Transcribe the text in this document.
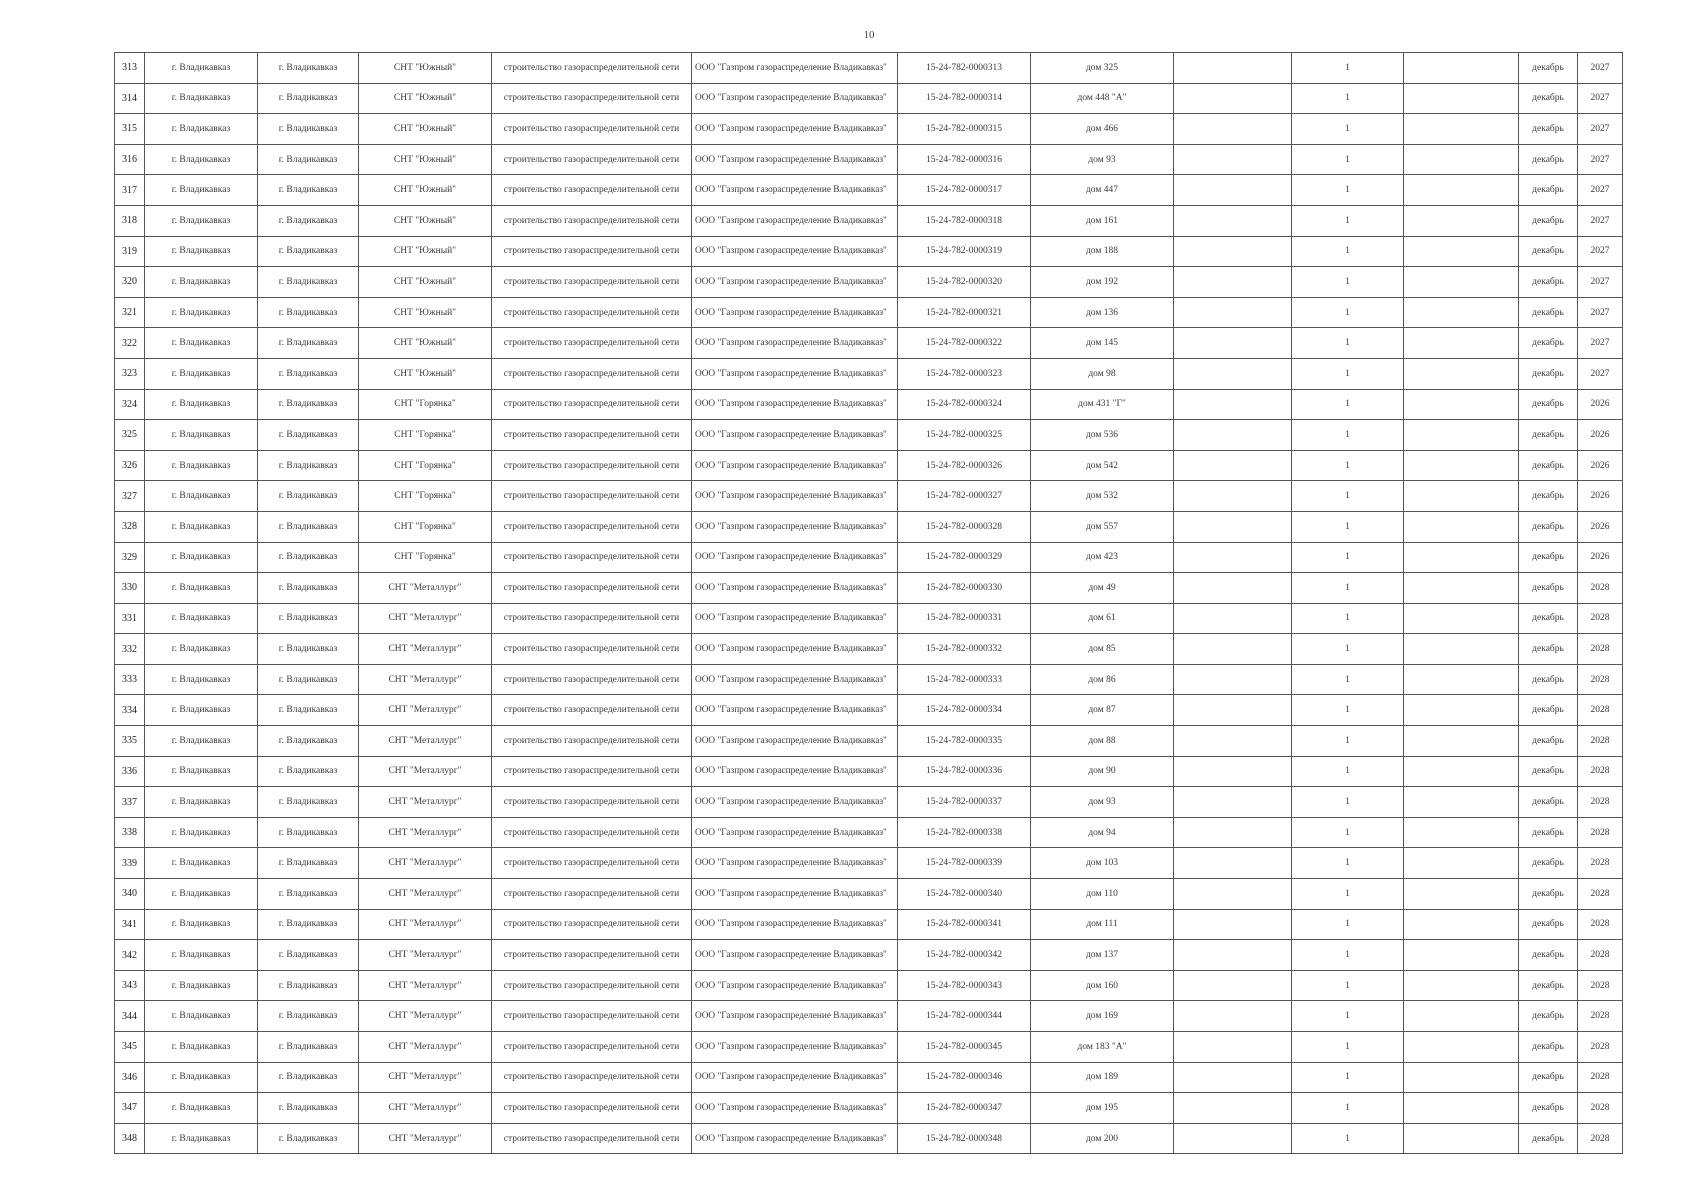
10
313	г. Владикавказ	г. Владикавказ	СНТ "Южный"	строительство газораспределительной сети	ООО "Газпром газораспределение Владикавказ"	15-24-782-0000313	дом 325		1		декабрь	2027
314	г. Владикавказ	г. Владикавказ	СНТ "Южный"	строительство газораспределительной сети	ООО "Газпром газораспределение Владикавказ"	15-24-782-0000314	дом 448 "А"		1		декабрь	2027
315	г. Владикавказ	г. Владикавказ	СНТ "Южный"	строительство газораспределительной сети	ООО "Газпром газораспределение Владикавказ"	15-24-782-0000315	дом 466		1		декабрь	2027
316	г. Владикавказ	г. Владикавказ	СНТ "Южный"	строительство газораспределительной сети	ООО "Газпром газораспределение Владикавказ"	15-24-782-0000316	дом 93		1		декабрь	2027
317	г. Владикавказ	г. Владикавказ	СНТ "Южный"	строительство газораспределительной сети	ООО "Газпром газораспределение Владикавказ"	15-24-782-0000317	дом 447		1		декабрь	2027
318	г. Владикавказ	г. Владикавказ	СНТ "Южный"	строительство газораспределительной сети	ООО "Газпром газораспределение Владикавказ"	15-24-782-0000318	дом 161		1		декабрь	2027
319	г. Владикавказ	г. Владикавказ	СНТ "Южный"	строительство газораспределительной сети	ООО "Газпром газораспределение Владикавказ"	15-24-782-0000319	дом 188		1		декабрь	2027
320	г. Владикавказ	г. Владикавказ	СНТ "Южный"	строительство газораспределительной сети	ООО "Газпром газораспределение Владикавказ"	15-24-782-0000320	дом 192		1		декабрь	2027
321	г. Владикавказ	г. Владикавказ	СНТ "Южный"	строительство газораспределительной сети	ООО "Газпром газораспределение Владикавказ"	15-24-782-0000321	дом 136		1		декабрь	2027
322	г. Владикавказ	г. Владикавказ	СНТ "Южный"	строительство газораспределительной сети	ООО "Газпром газораспределение Владикавказ"	15-24-782-0000322	дом 145		1		декабрь	2027
323	г. Владикавказ	г. Владикавказ	СНТ "Южный"	строительство газораспределительной сети	ООО "Газпром газораспределение Владикавказ"	15-24-782-0000323	дом 98		1		декабрь	2027
324	г. Владикавказ	г. Владикавказ	СНТ "Горянка"	строительство газораспределительной сети	ООО "Газпром газораспределение Владикавказ"	15-24-782-0000324	дом 431 "Г"		1		декабрь	2026
325	г. Владикавказ	г. Владикавказ	СНТ "Горянка"	строительство газораспределительной сети	ООО "Газпром газораспределение Владикавказ"	15-24-782-0000325	дом 536		1		декабрь	2026
326	г. Владикавказ	г. Владикавказ	СНТ "Горянка"	строительство газораспределительной сети	ООО "Газпром газораспределение Владикавказ"	15-24-782-0000326	дом 542		1		декабрь	2026
327	г. Владикавказ	г. Владикавказ	СНТ "Горянка"	строительство газораспределительной сети	ООО "Газпром газораспределение Владикавказ"	15-24-782-0000327	дом 532		1		декабрь	2026
328	г. Владикавказ	г. Владикавказ	СНТ "Горянка"	строительство газораспределительной сети	ООО "Газпром газораспределение Владикавказ"	15-24-782-0000328	дом 557		1		декабрь	2026
329	г. Владикавказ	г. Владикавказ	СНТ "Горянка"	строительство газораспределительной сети	ООО "Газпром газораспределение Владикавказ"	15-24-782-0000329	дом 423		1		декабрь	2026
330	г. Владикавказ	г. Владикавказ	СНТ "Металлург"	строительство газораспределительной сети	ООО "Газпром газораспределение Владикавказ"	15-24-782-0000330	дом 49		1		декабрь	2028
331	г. Владикавказ	г. Владикавказ	СНТ "Металлург"	строительство газораспределительной сети	ООО "Газпром газораспределение Владикавказ"	15-24-782-0000331	дом 61		1		декабрь	2028
332	г. Владикавказ	г. Владикавказ	СНТ "Металлург"	строительство газораспределительной сети	ООО "Газпром газораспределение Владикавказ"	15-24-782-0000332	дом 85		1		декабрь	2028
333	г. Владикавказ	г. Владикавказ	СНТ "Металлург"	строительство газораспределительной сети	ООО "Газпром газораспределение Владикавказ"	15-24-782-0000333	дом 86		1		декабрь	2028
334	г. Владикавказ	г. Владикавказ	СНТ "Металлург"	строительство газораспределительной сети	ООО "Газпром газораспределение Владикавказ"	15-24-782-0000334	дом 87		1		декабрь	2028
335	г. Владикавказ	г. Владикавказ	СНТ "Металлург"	строительство газораспределительной сети	ООО "Газпром газораспределение Владикавказ"	15-24-782-0000335	дом 88		1		декабрь	2028
336	г. Владикавказ	г. Владикавказ	СНТ "Металлург"	строительство газораспределительной сети	ООО "Газпром газораспределение Владикавказ"	15-24-782-0000336	дом 90		1		декабрь	2028
337	г. Владикавказ	г. Владикавказ	СНТ "Металлург"	строительство газораспределительной сети	ООО "Газпром газораспределение Владикавказ"	15-24-782-0000337	дом 93		1		декабрь	2028
338	г. Владикавказ	г. Владикавказ	СНТ "Металлург"	строительство газораспределительной сети	ООО "Газпром газораспределение Владикавказ"	15-24-782-0000338	дом 94		1		декабрь	2028
339	г. Владикавказ	г. Владикавказ	СНТ "Металлург"	строительство газораспределительной сети	ООО "Газпром газораспределение Владикавказ"	15-24-782-0000339	дом 103		1		декабрь	2028
340	г. Владикавказ	г. Владикавказ	СНТ "Металлург"	строительство газораспределительной сети	ООО "Газпром газораспределение Владикавказ"	15-24-782-0000340	дом 110		1		декабрь	2028
341	г. Владикавказ	г. Владикавказ	СНТ "Металлург"	строительство газораспределительной сети	ООО "Газпром газораспределение Владикавказ"	15-24-782-0000341	дом 111		1		декабрь	2028
342	г. Владикавказ	г. Владикавказ	СНТ "Металлург"	строительство газораспределительной сети	ООО "Газпром газораспределение Владикавказ"	15-24-782-0000342	дом 137		1		декабрь	2028
343	г. Владикавказ	г. Владикавказ	СНТ "Металлург"	строительство газораспределительной сети	ООО "Газпром газораспределение Владикавказ"	15-24-782-0000343	дом 160		1		декабрь	2028
344	г. Владикавказ	г. Владикавказ	СНТ "Металлург"	строительство газораспределительной сети	ООО "Газпром газораспределение Владикавказ"	15-24-782-0000344	дом 169		1		декабрь	2028
345	г. Владикавказ	г. Владикавказ	СНТ "Металлург"	строительство газораспределительной сети	ООО "Газпром газораспределение Владикавказ"	15-24-782-0000345	дом 183 "А"		1		декабрь	2028
346	г. Владикавказ	г. Владикавказ	СНТ "Металлург"	строительство газораспределительной сети	ООО "Газпром газораспределение Владикавказ"	15-24-782-0000346	дом 189		1		декабрь	2028
347	г. Владикавказ	г. Владикавказ	СНТ "Металлург"	строительство газораспределительной сети	ООО "Газпром газораспределение Владикавказ"	15-24-782-0000347	дом 195		1		декабрь	2028
348	г. Владикавказ	г. Владикавказ	СНТ "Металлург"	строительство газораспределительной сети	ООО "Газпром газораспределение Владикавказ"	15-24-782-0000348	дом 200		1		декабрь	2028
